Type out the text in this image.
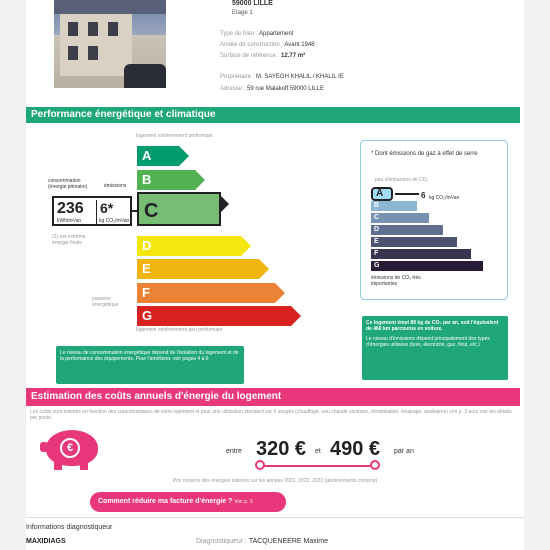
59000 LILLE
Etage 1
Type de bien : Appartement
Année de construction : Avant 1948
Surface de référence : 12.77 m²
Propriétaire : M. SAYEGH KHALIL / KHALIL IE
Adresse : 59 rue Malakoff 59000 LILLE
Performance énergétique et climatique
logement extrêmement performant
logement extrêmement peu performant
consommation (énergie primaire)	émissions
(2) est extrême énergie finale
passoire énergétique
A
B
C
D
E
F
G
236
kWh/m²/an
6*
kg CO₂/m²/an
* Dont émissions de gaz à effet de serre
peu d'émissions de CO₂
A
B
C
D
E
F
G
6 kg CO₂/m²/an
émissions de CO₂ très importantes
Le niveau de consommation énergétique dépend de l'isolation du logement et de la performance des équipements. Pour l'améliorer, voir pages 4 à 6
Ce logement émet 89 kg de CO₂ par an, soit l'équivalent de 460 km parcourus en voiture.
Le niveau d'émissions dépend principalement des types d'énergies utilisées (bois, électricité, gaz, fioul, etc.)
Estimation des coûts annuels d'énergie du logement
Les coûts sont estimés en fonction des caractéristiques de votre logement et pour une utilisation standard sur 5 usages (chauffage, eau chaude sanitaire, climatisation, éclairage, auxiliaires) voir p. 3 pour voir les détails par poste.
€	entre 320 € et 490 € par an
Prix moyens des énergies indexés sur les années 2021, 2022, 2023 (abonnements compris)
Comment réduire ma facture d'énergie ? Voir p. 3
Informations diagnostiqueur
MAXIDIAGS	Diagnostiqueur : TACQUENEERE Maxime
